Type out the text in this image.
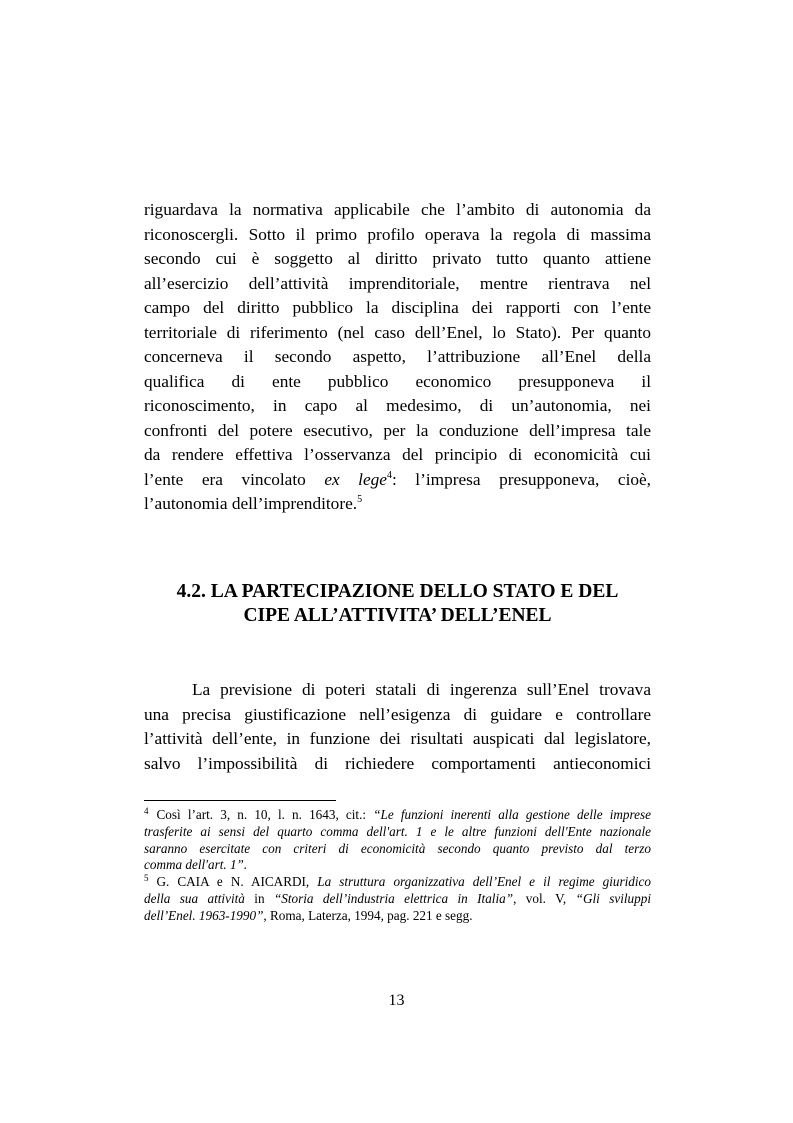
riguardava la normativa applicabile che l’ambito di autonomia da
riconoscergli. Sotto il primo profilo operava la regola di massima
secondo cui è soggetto al diritto privato tutto quanto attiene
all’esercizio dell’attività imprenditoriale, mentre rientrava nel
campo del diritto pubblico la disciplina dei rapporti con l’ente
territoriale di riferimento (nel caso dell’Enel, lo Stato). Per quanto
concerneva il secondo aspetto, l’attribuzione all’Enel della
qualifica di ente pubblico economico presupponeva il
riconoscimento, in capo al medesimo, di un’autonomia, nei
confronti del potere esecutivo, per la conduzione dell’impresa tale
da rendere effettiva l’osservanza del principio di economicità cui
l’ente era vincolato ex lege$^4$: l’impresa presupponeva, cioè,
l’autonomia dell’imprenditore.$^5$
4.2. LA PARTECIPAZIONE DELLO STATO E DEL
CIPE ALL’ATTIVITA’ DELL’ENEL
La previsione di poteri statali di ingerenza sull’Enel trovava
una precisa giustificazione nell’esigenza di guidare e controllare
l’attività dell’ente, in funzione dei risultati auspicati dal legislatore,
salvo l’impossibilità di richiedere comportamenti antieconomici
$^4$ Così l’art. 3, n. 10, l. n. 1643, cit.: “Le funzioni inerenti alla gestione delle imprese
trasferite ai sensi del quarto comma dell'art. 1 e le altre funzioni dell'Ente nazionale
saranno esercitate con criteri di economicità secondo quanto previsto dal terzo
comma dell'art. 1”.
$^5$ G. CAIA e N. AICARDI, La struttura organizzativa dell’Enel e il regime giuridico
della sua attività in “Storia dell’industria elettrica in Italia”, vol. V, “Gli sviluppi
dell’Enel. 1963-1990”, Roma, Laterza, 1994, pag. 221 e segg.
13
